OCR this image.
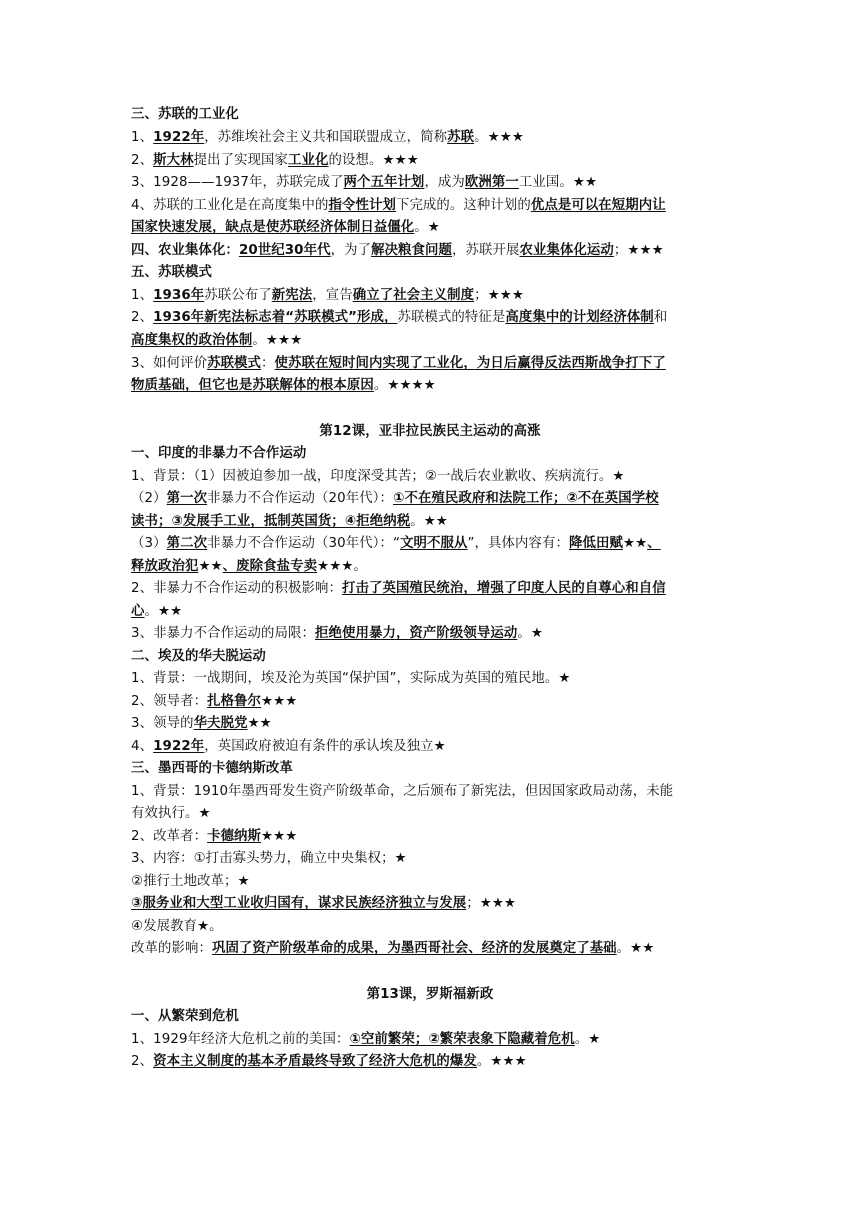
三、苏联的工业化
1、1922年，苏维埃社会主义共和国联盟成立，简称苏联。★★★
2、斯大林提出了实现国家工业化的设想。★★★
3、1928——1937年，苏联完成了两个五年计划，成为欧洲第一工业国。★★
4、苏联的工业化是在高度集中的指令性计划下完成的。这种计划的优点是可以在短期内让
国家快速发展，缺点是使苏联经济体制日益僵化。★
四、农业集体化：20世纪30年代，为了解决粮食问题，苏联开展农业集体化运动；★★★
五、苏联模式
1、1936年苏联公布了新宪法，宣告确立了社会主义制度；★★★
2、1936年新宪法标志着“苏联模式”形成，苏联模式的特征是高度集中的计划经济体制和
高度集权的政治体制。★★★
3、如何评价苏联模式：使苏联在短时间内实现了工业化，为日后赢得反法西斯战争打下了
物质基础，但它也是苏联解体的根本原因。★★★★
第12课，亚非拉民族民主运动的高涨
一、印度的非暴力不合作运动
1、背景：（1）因被迫参加一战，印度深受其苦；②一战后农业歉收、疾病流行。★
（2）第一次非暴力不合作运动（20年代）：①不在殖民政府和法院工作；②不在英国学校
读书；③发展手工业，抵制英国货；④拒绝纳税。★★
（3）第二次非暴力不合作运动（30年代）：“文明不服从”，具体内容有：降低田赋★★、
释放政治犯★★、废除食盐专卖★★★。
2、非暴力不合作运动的积极影响：打击了英国殖民统治，增强了印度人民的自尊心和自信
心。★★
3、非暴力不合作运动的局限：拒绝使用暴力，资产阶级领导运动。★
二、埃及的华夫脱运动
1、背景：一战期间，埃及沦为英国“保护国”，实际成为英国的殖民地。★
2、领导者：扎格鲁尔★★★
3、领导的华夫脱党★★
4、1922年，英国政府被迫有条件的承认埃及独立★
三、墨西哥的卡德纳斯改革
1、背景：1910年墨西哥发生资产阶级革命，之后颁布了新宪法，但因国家政局动荡，未能
有效执行。★
2、改革者：卡德纳斯★★★
3、内容：①打击寡头势力，确立中央集权；★
②推行土地改革；★
③服务业和大型工业收归国有，谋求民族经济独立与发展；★★★
④发展教育★。
改革的影响：巩固了资产阶级革命的成果，为墨西哥社会、经济的发展奠定了基础。★★
第13课，罗斯福新政
一、从繁荣到危机
1、1929年经济大危机之前的美国：①空前繁荣；②繁荣表象下隐藏着危机。★
2、资本主义制度的基本矛盾最终导致了经济大危机的爆发。★★★
